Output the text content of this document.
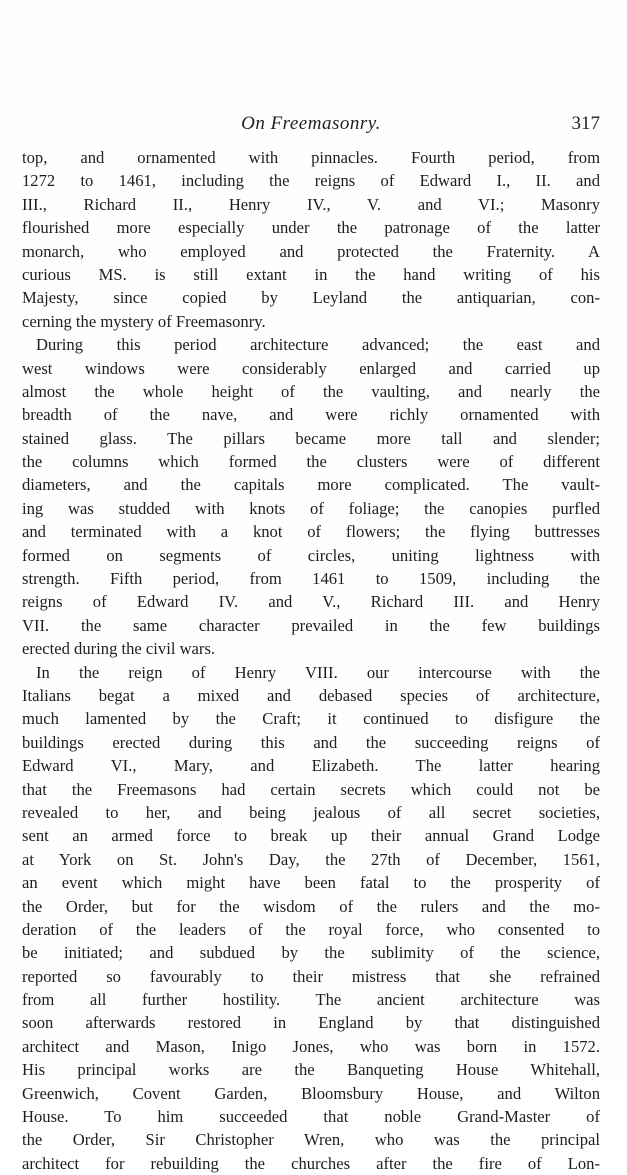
On Freemasonry.	317
top, and ornamented with pinnacles. Fourth period, from
1272 to 1461, including the reigns of Edward I., II. and
III., Richard II., Henry IV., V. and VI.; Masonry
flourished more especially under the patronage of the latter
monarch, who employed and protected the Fraternity. A
curious MS. is still extant in the hand writing of his
Majesty, since copied by Leyland the antiquarian, con-
cerning the mystery of Freemasonry.
During this period architecture advanced; the east and
west windows were considerably enlarged and carried up
almost the whole height of the vaulting, and nearly the
breadth of the nave, and were richly ornamented with
stained glass. The pillars became more tall and slender;
the columns which formed the clusters were of different
diameters, and the capitals more complicated. The vault-
ing was studded with knots of foliage; the canopies purfled
and terminated with a knot of flowers; the flying buttresses
formed on segments of circles, uniting lightness with
strength. Fifth period, from 1461 to 1509, including the
reigns of Edward IV. and V., Richard III. and Henry
VII. the same character prevailed in the few buildings
erected during the civil wars.
In the reign of Henry VIII. our intercourse with the
Italians begat a mixed and debased species of architecture,
much lamented by the Craft; it continued to disfigure the
buildings erected during this and the succeeding reigns of
Edward VI., Mary, and Elizabeth. The latter hearing
that the Freemasons had certain secrets which could not be
revealed to her, and being jealous of all secret societies,
sent an armed force to break up their annual Grand Lodge
at York on St. John's Day, the 27th of December, 1561,
an event which might have been fatal to the prosperity of
the Order, but for the wisdom of the rulers and the mo-
deration of the leaders of the royal force, who consented to
be initiated; and subdued by the sublimity of the science,
reported so favourably to their mistress that she refrained
from all further hostility. The ancient architecture was
soon afterwards restored in England by that distinguished
architect and Mason, Inigo Jones, who was born in 1572.
His principal works are the Banqueting House Whitehall,
Greenwich, Covent Garden, Bloomsbury House, and Wilton
House. To him succeeded that noble Grand-Master of
the Order, Sir Christopher Wren, who was the principal
architect for rebuilding the churches after the fire of Lon-
